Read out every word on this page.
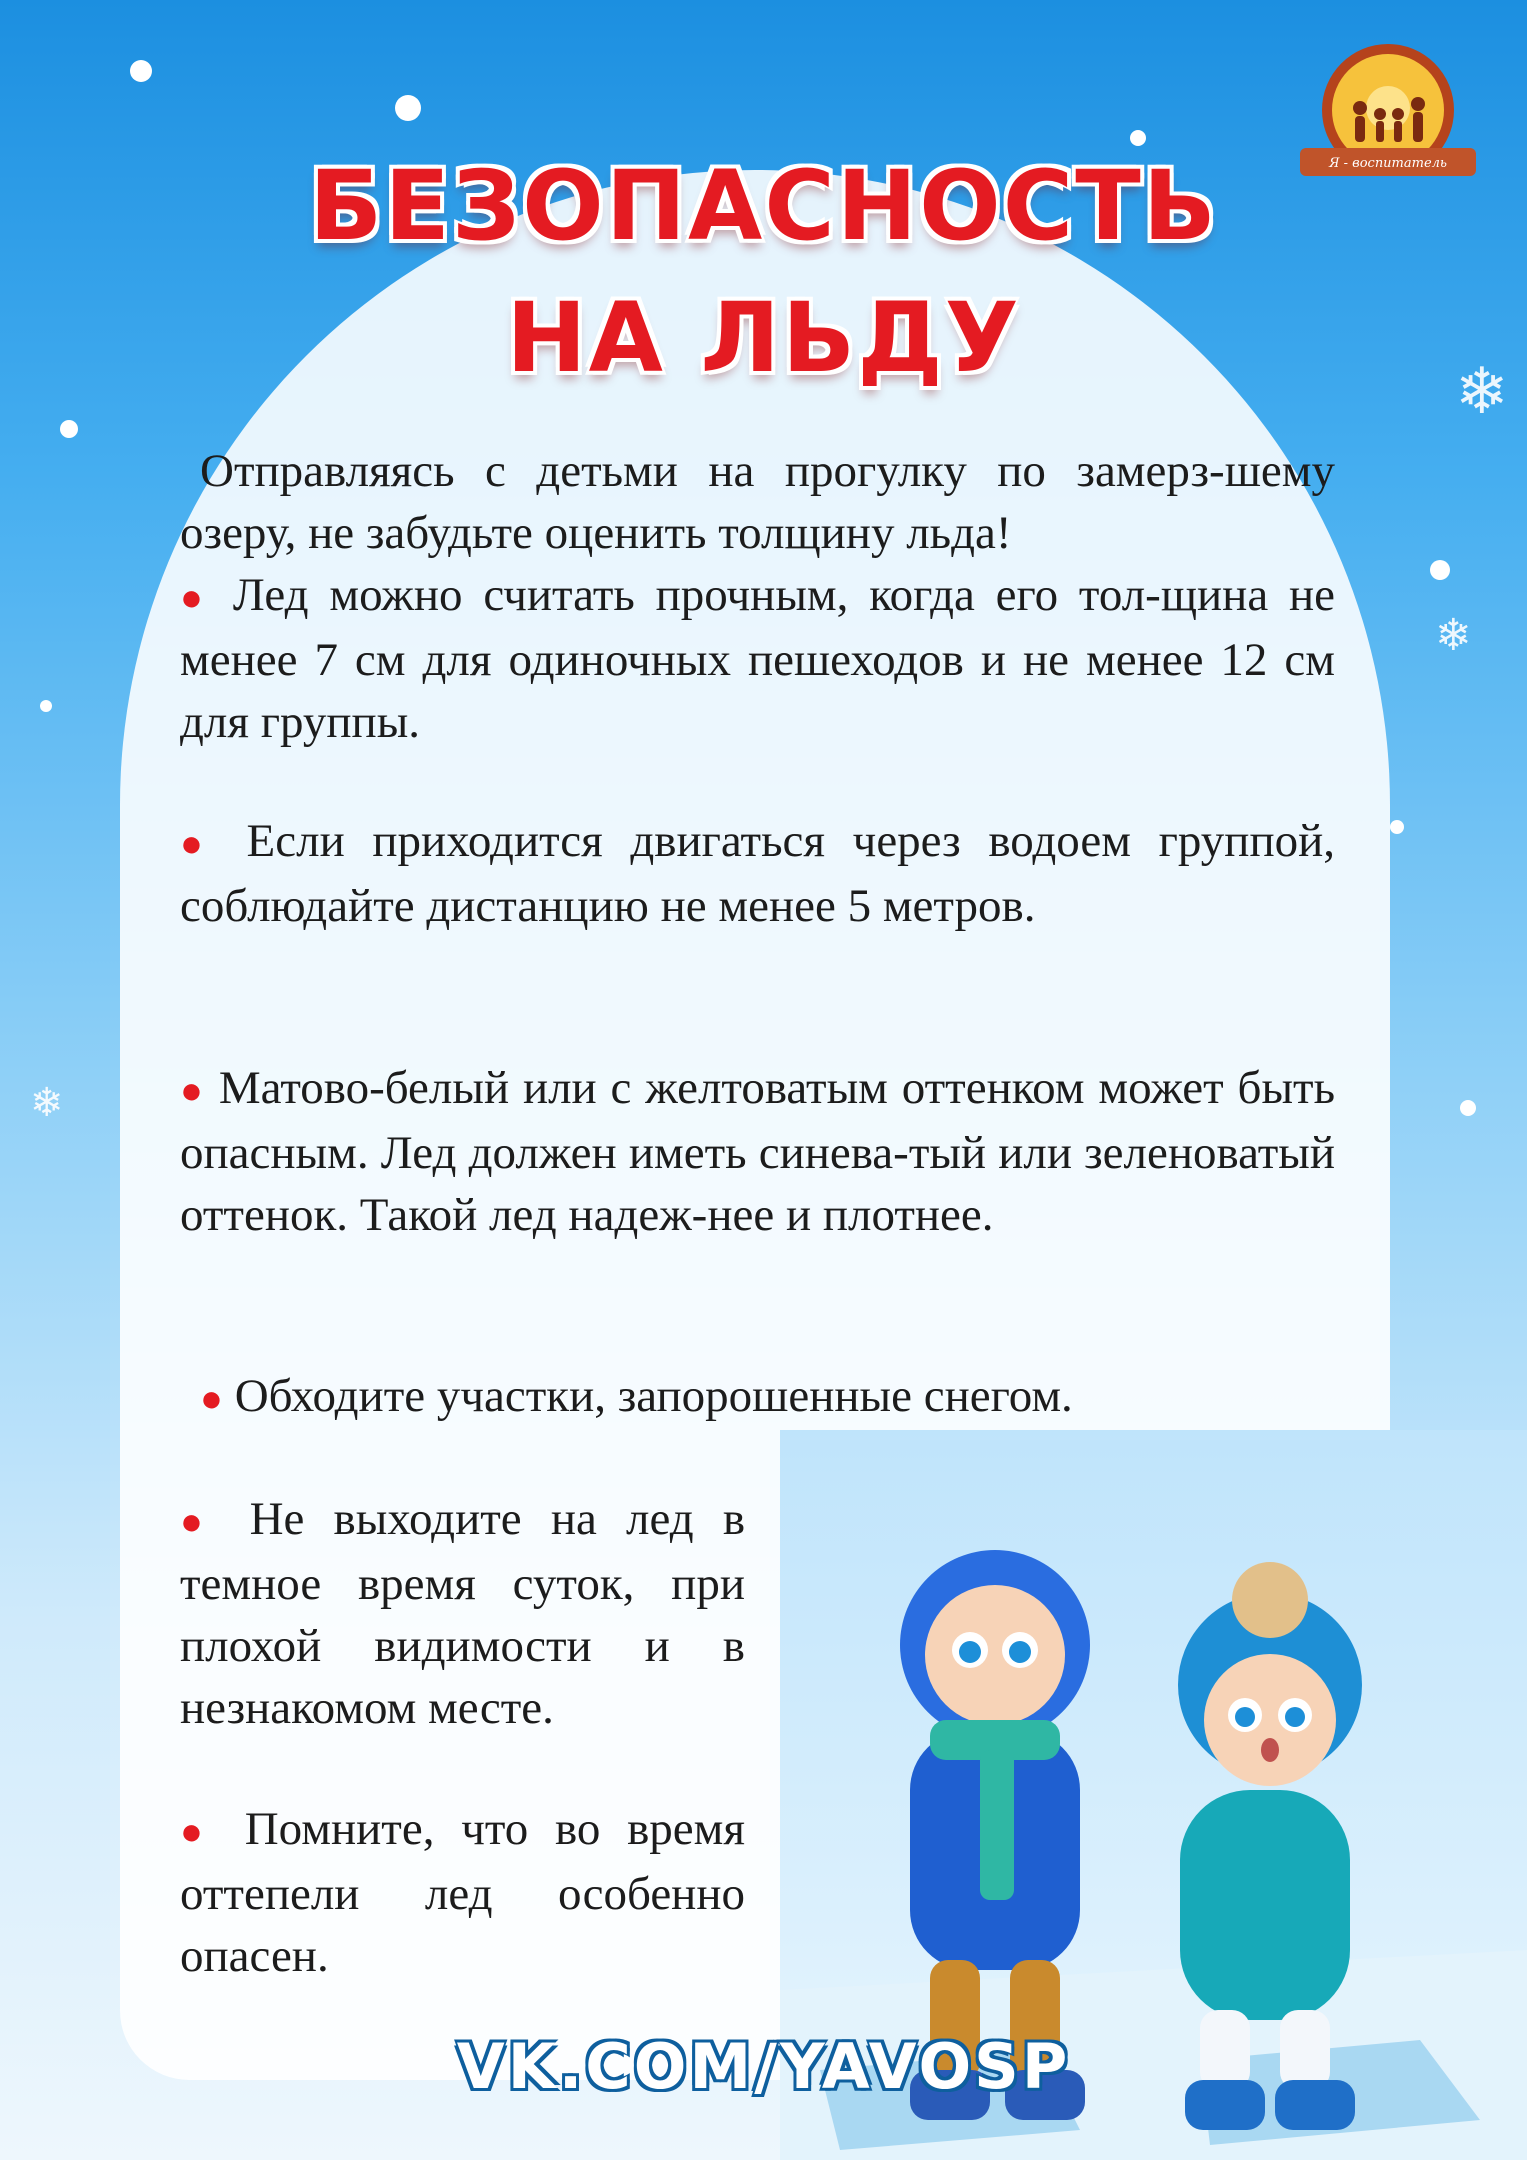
❄
❄
❄
Я - воспитатель
БЕЗОПАСНОСТЬ
НА ЛЬДУ
Отправляясь с детьми на прогулку по замерз-шему озеру, не забудьте оценить толщину льда!
● Лед можно считать прочным, когда его тол-щина не менее 7 см для одиночных пешеходов и не менее 12 см для группы.
● Если приходится двигаться через водоем группой, соблюдайте дистанцию не менее 5 метров.
● Матово-белый или с желтоватым оттенком может быть опасным. Лед должен иметь синева-тый или зеленоватый оттенок. Такой лед надеж-нее и плотнее.
● Обходите участки, запорошенные снегом.
● Не выходите на лед в темное время суток, при плохой видимости и в незнакомом месте.
● Помните, что во время оттепели лед особенно опасен.
VK.COM/YAVOSP
